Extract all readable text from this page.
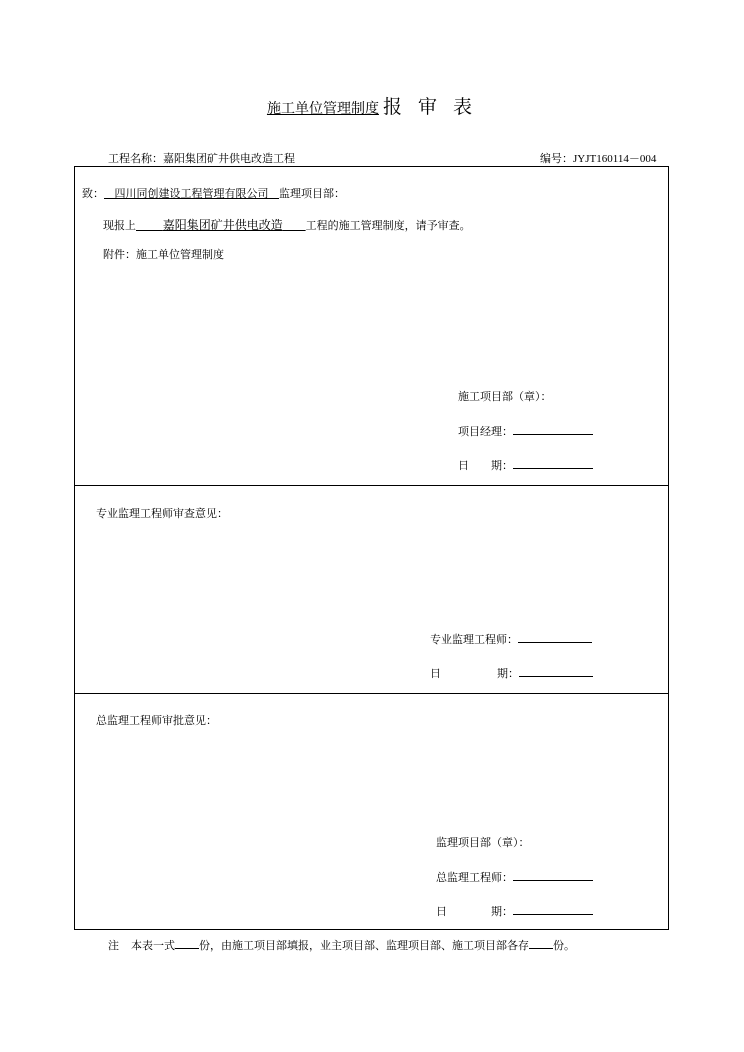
施工单位管理制度 报 审 表
工程名称：嘉阳集团矿井供电改造工程	编号：JYJT160114－004
致： 四川同创建设工程管理有限公司 监理项目部：
现报上 嘉阳集团矿井供电改造 工程的施工管理制度，请予审查。
附件：施工单位管理制度
施工项目部（章）：
项目经理：
日 期：
专业监理工程师审查意见：
专业监理工程师：
日	期：
总监理工程师审批意见：
监理项目部（章）：
总监理工程师：
日	期：
注 本表一式 份，由施工项目部填报，业主项目部、监理项目部、施工项目部各存 份。
